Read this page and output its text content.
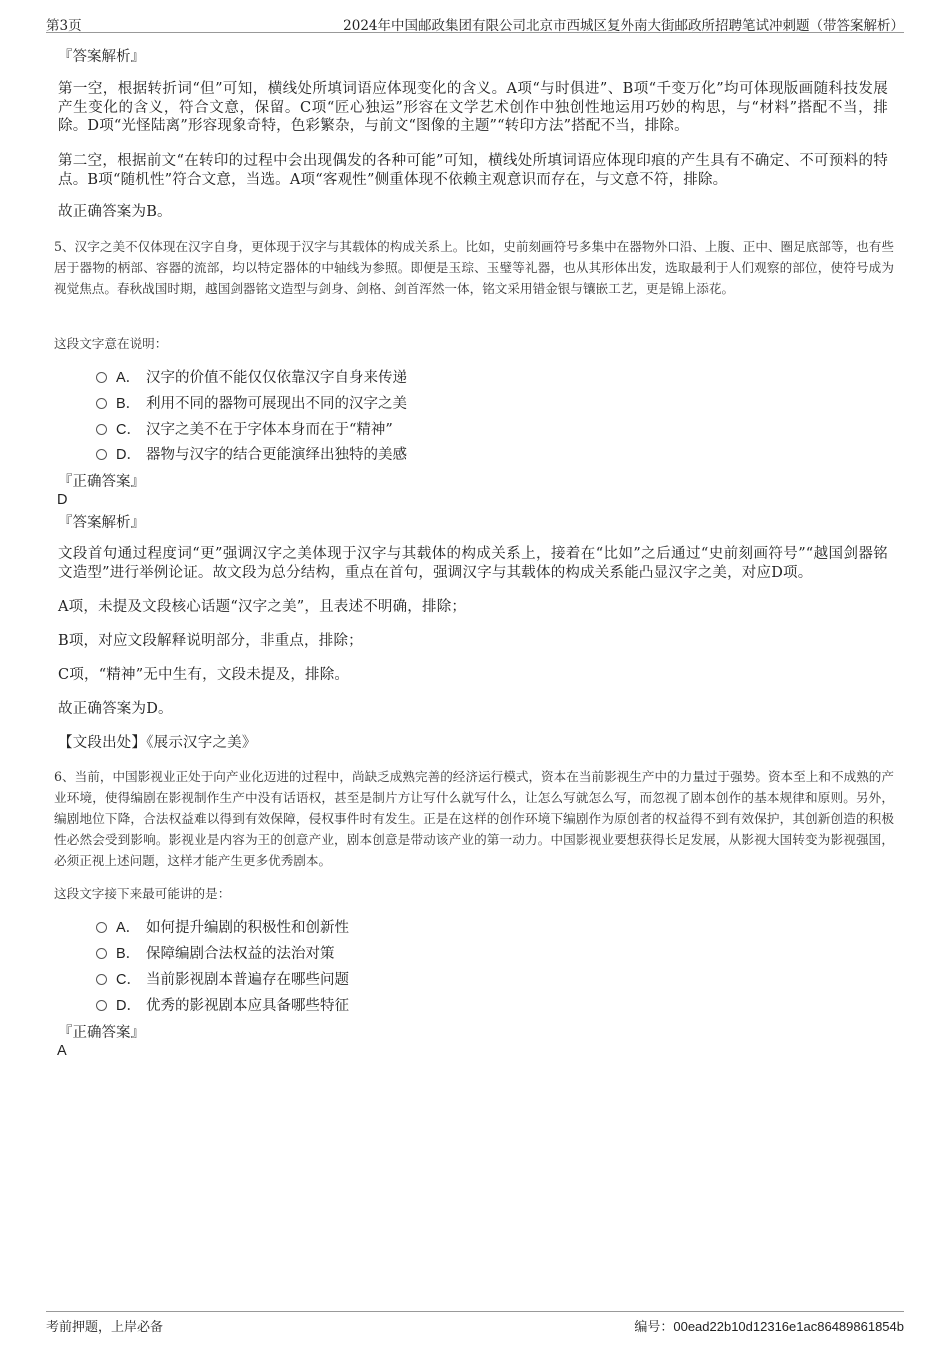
第3页	2024年中国邮政集团有限公司北京市西城区复外南大街邮政所招聘笔试冲刺题（带答案解析）
『答案解析』
第一空，根据转折词“但”可知，横线处所填词语应体现变化的含义。A项“与时俱进”、B项“千变万化”均可体现版画随科技发展产生变化的含义，符合文意，保留。C项“匠心独运”形容在文学艺术创作中独创性地运用巧妙的构思，与“材料”搭配不当，排除。D项“光怪陆离”形容现象奇特，色彩繁杂，与前文“图像的主题”“转印方法”搭配不当，排除。
第二空，根据前文“在转印的过程中会出现偶发的各种可能”可知，横线处所填词语应体现印痕的产生具有不确定、不可预料的特点。B项“随机性”符合文意，当选。A项“客观性”侧重体现不依赖主观意识而存在，与文意不符，排除。
故正确答案为B。
5、汉字之美不仅体现在汉字自身，更体现于汉字与其载体的构成关系上。比如，史前刻画符号多集中在器物外口沿、上腹、正中、圈足底部等，也有些居于器物的柄部、容器的流部，均以特定器体的中轴线为参照。即便是玉琮、玉璧等礼器，也从其形体出发，选取最利于人们观察的部位，使符号成为视觉焦点。春秋战国时期，越国剑器铭文造型与剑身、剑格、剑首浑然一体，铭文采用错金银与镶嵌工艺，更是锦上添花。
这段文字意在说明：
A． 汉字的价值不能仅仅依靠汉字自身来传递
B． 利用不同的器物可展现出不同的汉字之美
C． 汉字之美不在于字体本身而在于“精神”
D． 器物与汉字的结合更能演绎出独特的美感
『正确答案』
D
『答案解析』
文段首句通过程度词“更”强调汉字之美体现于汉字与其载体的构成关系上，接着在“比如”之后通过“史前刻画符号”“越国剑器铭文造型”进行举例论证。故文段为总分结构，重点在首句，强调汉字与其载体的构成关系能凸显汉字之美，对应D项。
A项，未提及文段核心话题“汉字之美”，且表述不明确，排除；
B项，对应文段解释说明部分，非重点，排除；
C项，“精神”无中生有，文段未提及，排除。
故正确答案为D。
【文段出处】《展示汉字之美》
6、当前，中国影视业正处于向产业化迈进的过程中，尚缺乏成熟完善的经济运行模式，资本在当前影视生产中的力量过于强势。资本至上和不成熟的产业环境，使得编剧在影视制作生产中没有话语权，甚至是制片方让写什么就写什么，让怎么写就怎么写，而忽视了剧本创作的基本规律和原则。另外，编剧地位下降，合法权益难以得到有效保障，侵权事件时有发生。正是在这样的创作环境下编剧作为原创者的权益得不到有效保护，其创新创造的积极性必然会受到影响。影视业是内容为王的创意产业，剧本创意是带动该产业的第一动力。中国影视业要想获得长足发展，从影视大国转变为影视强国，必须正视上述问题，这样才能产生更多优秀剧本。
这段文字接下来最可能讲的是：
A． 如何提升编剧的积极性和创新性
B． 保障编剧合法权益的法治对策
C． 当前影视剧本普遍存在哪些问题
D． 优秀的影视剧本应具备哪些特征
『正确答案』
A
考前押题，上岸必备	编号：00ead22b10d12316e1ac86489861854b
